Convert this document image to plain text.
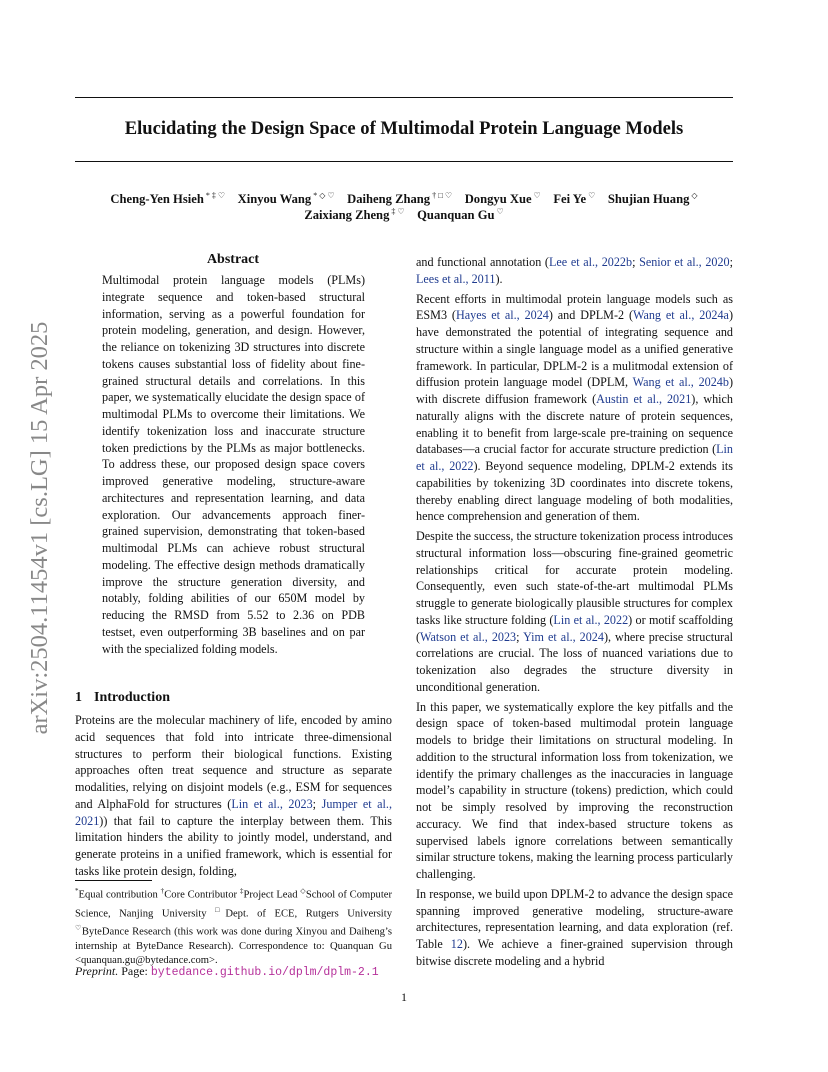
Elucidating the Design Space of Multimodal Protein Language Models
Cheng-Yen Hsieh * ‡ ♡  Xinyou Wang * ◇ ♡  Daiheng Zhang † □ ♡  Dongyu Xue ♡  Fei Ye ♡  Shujian Huang ◇
Zaixiang Zheng ‡ ♡  Quanquan Gu ♡
arXiv:2504.11454v1 [cs.LG] 15 Apr 2025
Abstract

Multimodal protein language models (PLMs) integrate sequence and token-based structural information, serving as a powerful foundation for protein modeling, generation, and design. However, the reliance on tokenizing 3D structures into discrete tokens causes substantial loss of fidelity about fine-grained structural details and correlations. In this paper, we systematically elucidate the design space of multimodal PLMs to overcome their limitations. We identify tokenization loss and inaccurate structure token predictions by the PLMs as major bottlenecks. To address these, our proposed design space covers improved generative modeling, structure-aware architectures and representation learning, and data exploration. Our advancements approach finer-grained supervision, demonstrating that token-based multimodal PLMs can achieve robust structural modeling. The effective design methods dramatically improve the structure generation diversity, and notably, folding abilities of our 650M model by reducing the RMSD from 5.52 to 2.36 on PDB testset, even outperforming 3B baselines and on par with the specialized folding models.

1 Introduction

Proteins are the molecular machinery of life, encoded by amino acid sequences that fold into intricate three-dimensional structures to perform their biological functions. Existing approaches often treat sequence and structure as separate modalities, relying on disjoint models (e.g., ESM for sequences and AlphaFold for structures (Lin et al., 2023; Jumper et al., 2021)) that fail to capture the interplay between them. This limitation hinders the ability to jointly model, understand, and generate proteins in a unified framework, which is essential for tasks like protein design, folding,

and functional annotation (Lee et al., 2022b; Senior et al., 2020; Lees et al., 2011).

Recent efforts in multimodal protein language models such as ESM3 (Hayes et al., 2024) and DPLM-2 (Wang et al., 2024a) have demonstrated the potential of integrating sequence and structure within a single language model as a unified generative framework. In particular, DPLM-2 is a mulitmodal extension of diffusion protein language model (DPLM, Wang et al., 2024b) with discrete diffusion framework (Austin et al., 2021), which naturally aligns with the discrete nature of protein sequences, enabling it to benefit from large-scale pre-training on sequence databases—a crucial factor for accurate structure prediction (Lin et al., 2022). Beyond sequence modeling, DPLM-2 extends its capabilities by tokenizing 3D coordinates into discrete tokens, thereby enabling direct language modeling of both modalities, hence comprehension and generation of them.

Despite the success, the structure tokenization process introduces structural information loss—obscuring fine-grained geometric relationships critical for accurate protein modeling. Consequently, even such state-of-the-art multimodal PLMs struggle to generate biologically plausible structures for complex tasks like structure folding (Lin et al., 2022) or motif scaffolding (Watson et al., 2023; Yim et al., 2024), where precise structural correlations are crucial. The loss of nuanced variations due to tokenization also degrades the structure diversity in unconditional generation.

In this paper, we systematically explore the key pitfalls and the design space of token-based multimodal protein language models to bridge their limitations on structural modeling. In addition to the structural information loss from tokenization, we identify the primary challenges as the inaccuracies in language model’s capability in structure (tokens) prediction, which could not be simply resolved by improving the reconstruction accuracy. We find that index-based structure tokens as supervised labels ignore correlations between semantically similar structure tokens, making the learning process particularly challenging.

In response, we build upon DPLM-2 to advance the design space spanning improved generative modeling, structure-aware architectures, representation learning, and data exploration (ref. Table 12). We achieve a finer-grained supervision through bitwise discrete modeling and a hybrid

*Equal contribution †Core Contributor ‡Project Lead ◇School of Computer Science, Nanjing University □Dept. of ECE, Rutgers University ♡ByteDance Research (this work was done during Xinyou and Daiheng’s internship at ByteDance Research). Correspondence to: Quanquan Gu <quanquan.gu@bytedance.com>.
Preprint. Page: bytedance.github.io/dplm/dplm-2.1
1
